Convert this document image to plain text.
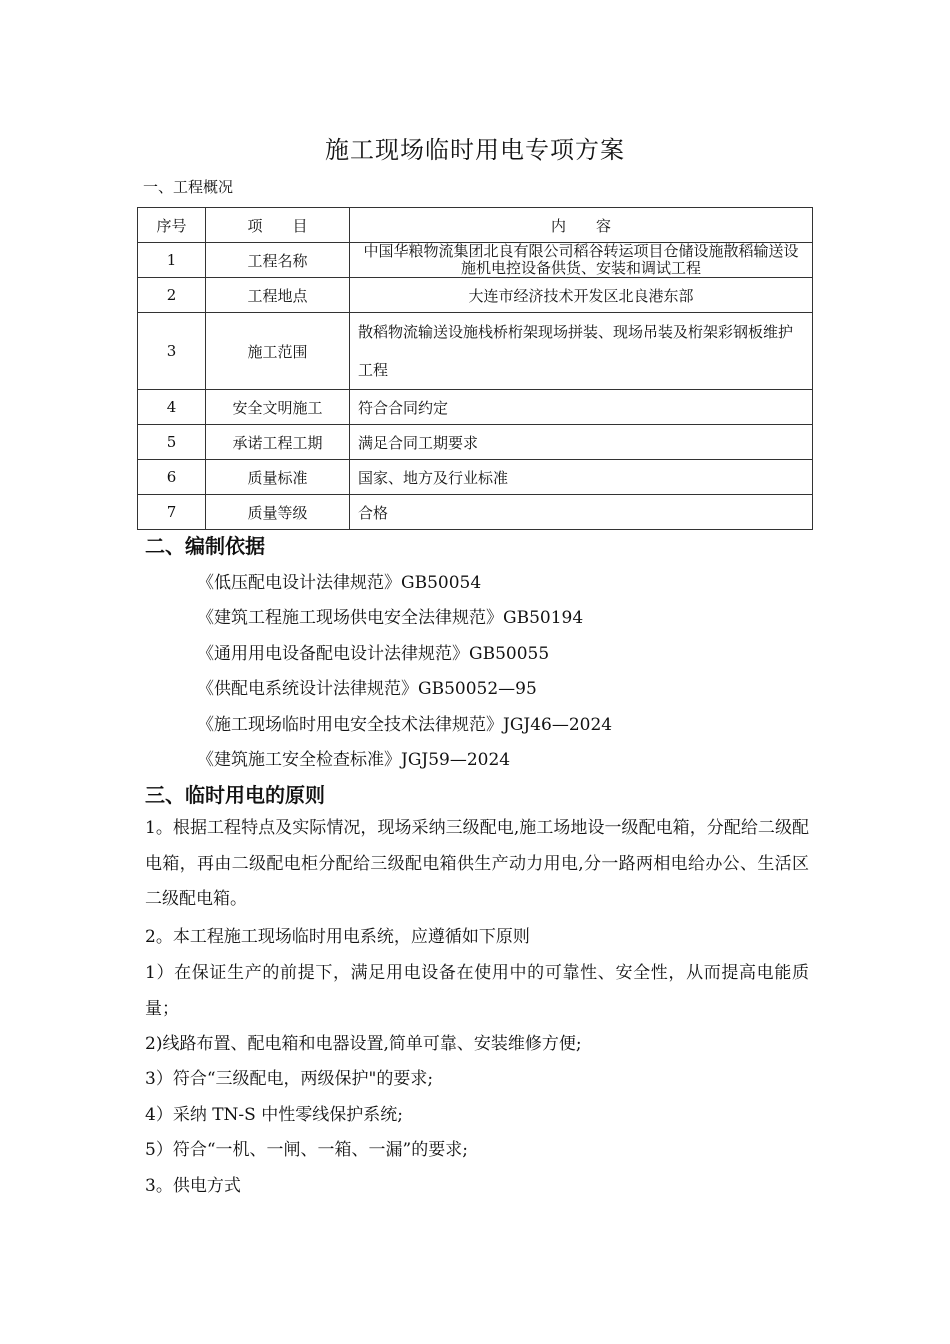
施工现场临时用电专项方案
一、工程概况
序号	项　　目	内　　容
1	工程名称	中国华粮物流集团北良有限公司稻谷转运项目仓储设施散稻输送设施机电控设备供货、安装和调试工程
2	工程地点	大连市经济技术开发区北良港东部
3	施工范围	散稻物流输送设施栈桥桁架现场拼装、现场吊装及桁架彩钢板维护工程
4	安全文明施工	符合合同约定
5	承诺工程工期	满足合同工期要求
6	质量标准	国家、地方及行业标准
7	质量等级	合格
二、编制依据
《低压配电设计法律规范》GB50054
《建筑工程施工现场供电安全法律规范》GB50194
《通用用电设备配电设计法律规范》GB50055
《供配电系统设计法律规范》GB50052—95
《施工现场临时用电安全技术法律规范》JGJ46—2024
《建筑施工安全检查标准》JGJ59—2024
三、临时用电的原则
1。根据工程特点及实际情况，现场采纳三级配电,施工场地设一级配电箱，分配给二级配电箱，再由二级配电柜分配给三级配电箱供生产动力用电,分一路两相电给办公、生活区二级配电箱。
2。本工程施工现场临时用电系统，应遵循如下原则
1）在保证生产的前提下，满足用电设备在使用中的可靠性、安全性，从而提高电能质量；
2)线路布置、配电箱和电器设置,简单可靠、安装维修方便;
3）符合“三级配电，两级保护"的要求;
4）采纳 TN-S 中性零线保护系统;
5）符合“一机、一闸、一箱、一漏”的要求;
3。供电方式
